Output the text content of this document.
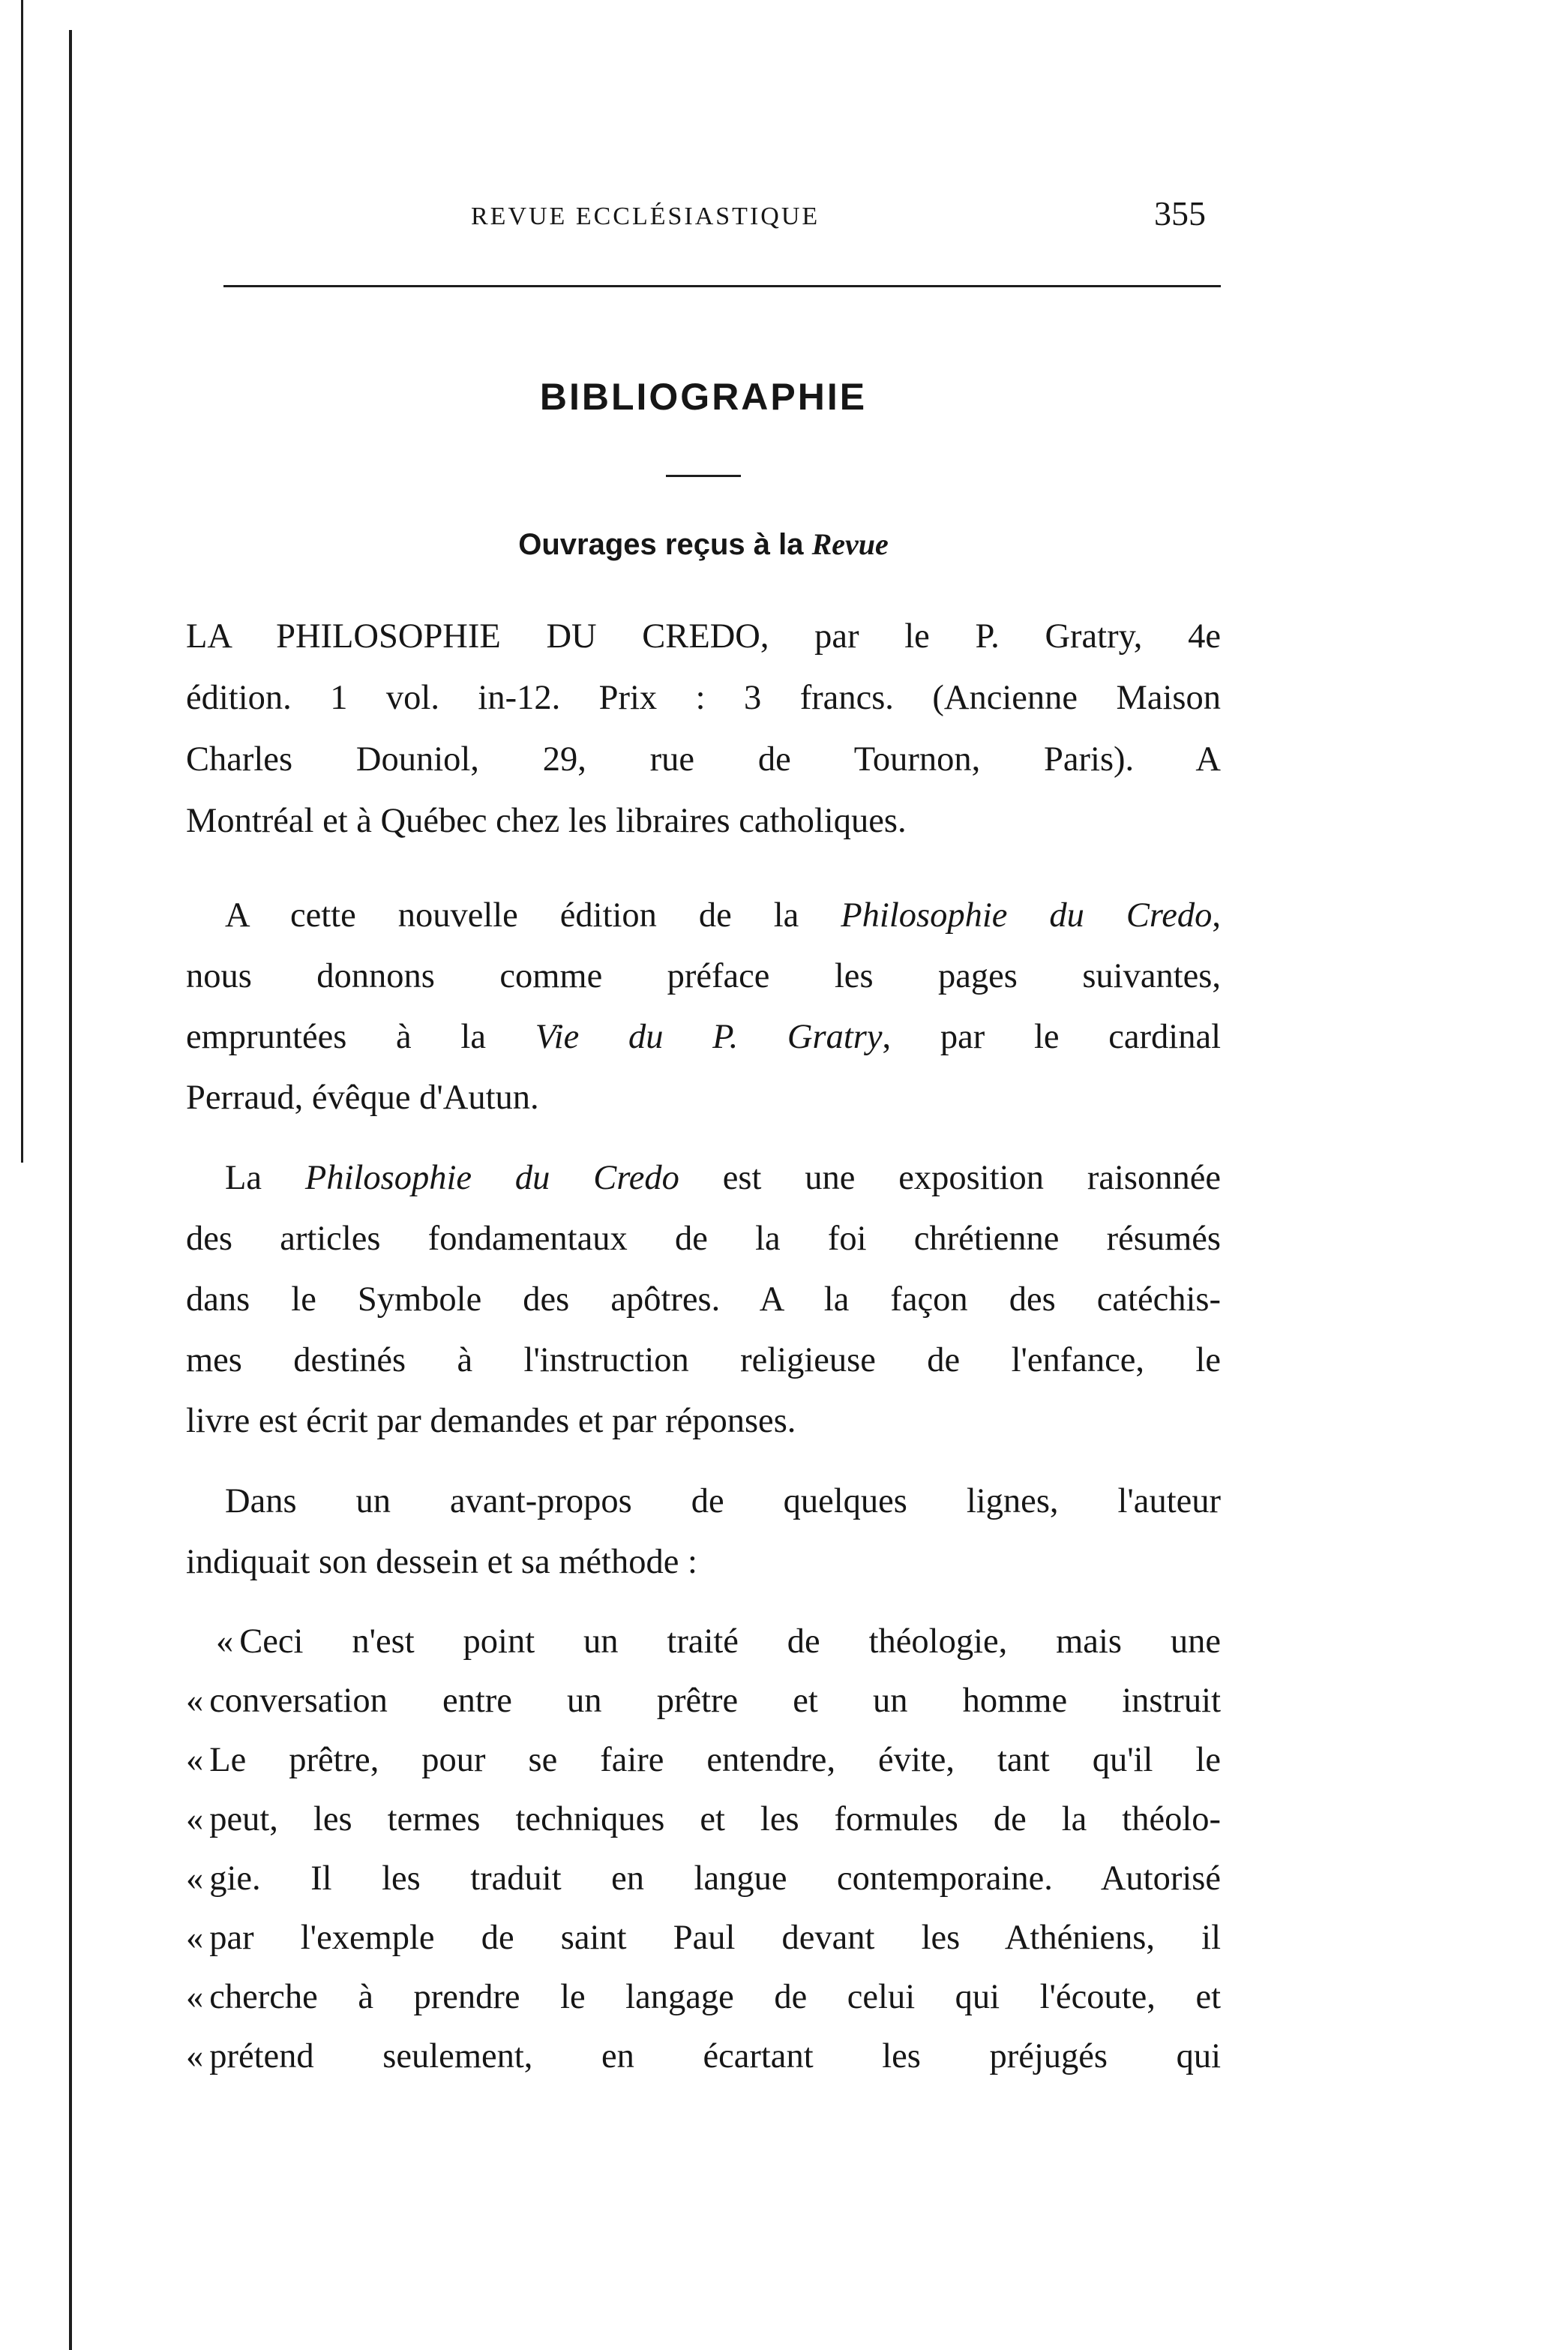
REVUE ECCLÉSIASTIQUE	355
BIBLIOGRAPHIE
Ouvrages reçus à la Revue

LA PHILOSOPHIE DU CREDO, par le P. Gratry, 4e
édition. 1 vol. in-12. Prix : 3 francs. (Ancienne Maison
Charles Douniol, 29, rue de Tournon, Paris). A
Montréal et à Québec chez les libraires catholiques.

A cette nouvelle édition de la Philosophie du Credo,
nous donnons comme préface les pages suivantes,
empruntées à la Vie du P. Gratry, par le cardinal
Perraud, évêque d'Autun.

La Philosophie du Credo est une exposition raisonnée
des articles fondamentaux de la foi chrétienne résumés
dans le Symbole des apôtres. A la façon des catéchis-
mes destinés à l'instruction religieuse de l'enfance, le
livre est écrit par demandes et par réponses.

Dans un avant-propos de quelques lignes, l'auteur
indiquait son dessein et sa méthode :

« Ceci n'est point un traité de théologie, mais une
« conversation entre un prêtre et un homme instruit
« Le prêtre, pour se faire entendre, évite, tant qu'il le
« peut, les termes techniques et les formules de la théolo-
« gie. Il les traduit en langue contemporaine. Autorisé
« par l'exemple de saint Paul devant les Athéniens, il
« cherche à prendre le langage de celui qui l'écoute, et
« prétend seulement, en écartant les préjugés qui
